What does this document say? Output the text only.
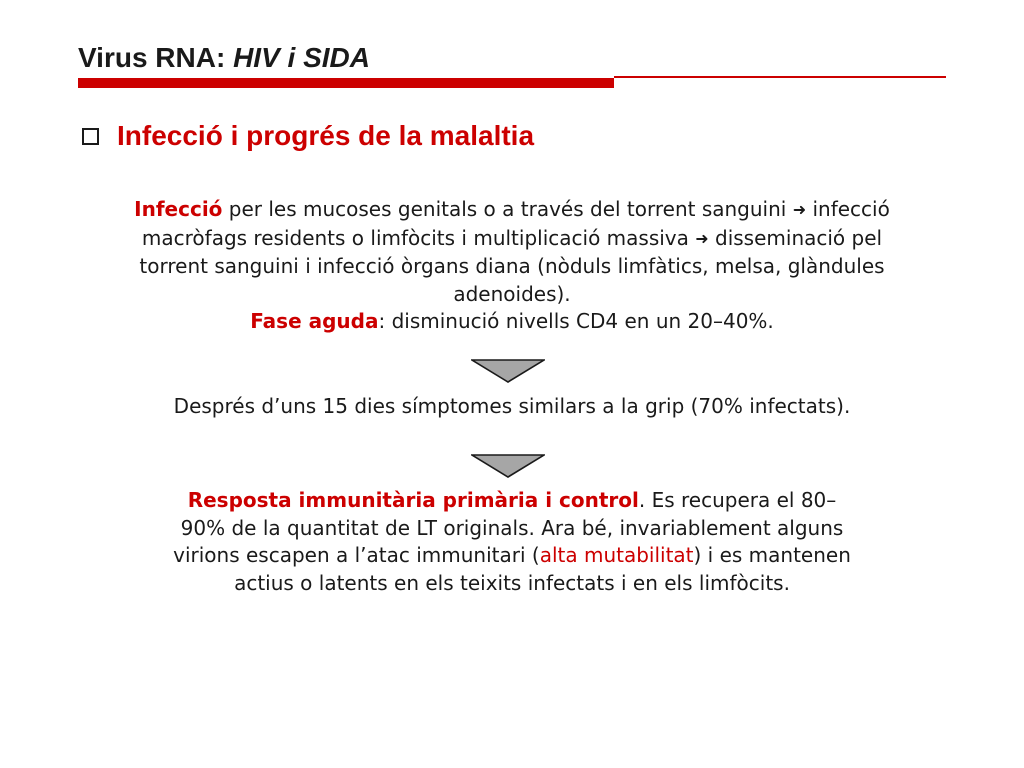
Virus RNA: HIV i SIDA
Infecció i progrés de la malaltia
Infecció per les mucoses genitals o a través del torrent sanguini ➜ infecció macròfags residents o limfòcits i multiplicació massiva ➜ disseminació pel torrent sanguini i infecció òrgans diana (nòduls limfàtics, melsa, glàndules adenoides).
Fase aguda: disminució nivells CD4 en un 20–40%.
Després d’uns 15 dies símptomes similars a la grip (70% infectats).
Resposta immunitària primària i control. Es recupera el 80–90% de la quantitat de LT originals. Ara bé, invariablement alguns virions escapen a l’atac immunitari (alta mutabilitat) i es mantenen actius o latents en els teixits infectats i en els limfòcits.
